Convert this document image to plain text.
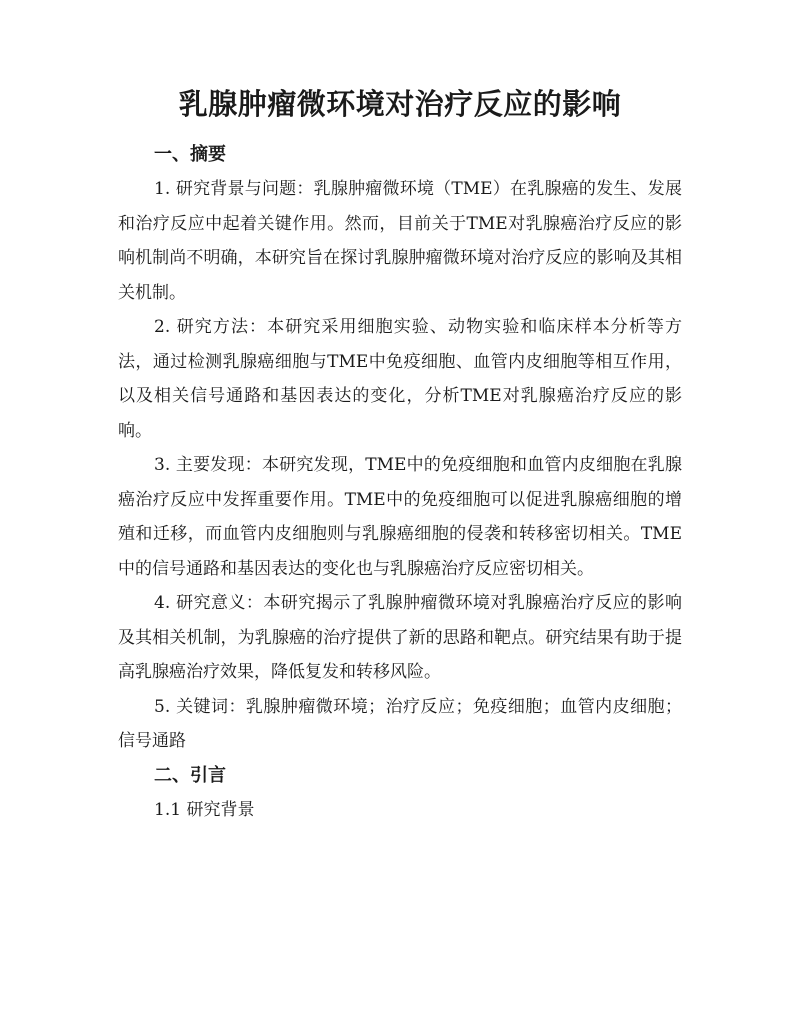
乳腺肿瘤微环境对治疗反应的影响

一、摘要

1. 研究背景与问题：乳腺肿瘤微环境（TME）在乳腺癌的发生、发展和治疗反应中起着关键作用。然而，目前关于TME对乳腺癌治疗反应的影响机制尚不明确，本研究旨在探讨乳腺肿瘤微环境对治疗反应的影响及其相关机制。

2. 研究方法：本研究采用细胞实验、动物实验和临床样本分析等方法，通过检测乳腺癌细胞与TME中免疫细胞、血管内皮细胞等相互作用，以及相关信号通路和基因表达的变化，分析TME对乳腺癌治疗反应的影响。

3. 主要发现：本研究发现，TME中的免疫细胞和血管内皮细胞在乳腺癌治疗反应中发挥重要作用。TME中的免疫细胞可以促进乳腺癌细胞的增殖和迁移，而血管内皮细胞则与乳腺癌细胞的侵袭和转移密切相关。TME中的信号通路和基因表达的变化也与乳腺癌治疗反应密切相关。

4. 研究意义：本研究揭示了乳腺肿瘤微环境对乳腺癌治疗反应的影响及其相关机制，为乳腺癌的治疗提供了新的思路和靶点。研究结果有助于提高乳腺癌治疗效果，降低复发和转移风险。

5. 关键词：乳腺肿瘤微环境；治疗反应；免疫细胞；血管内皮细胞；信号通路

二、引言

1.1 研究背景
